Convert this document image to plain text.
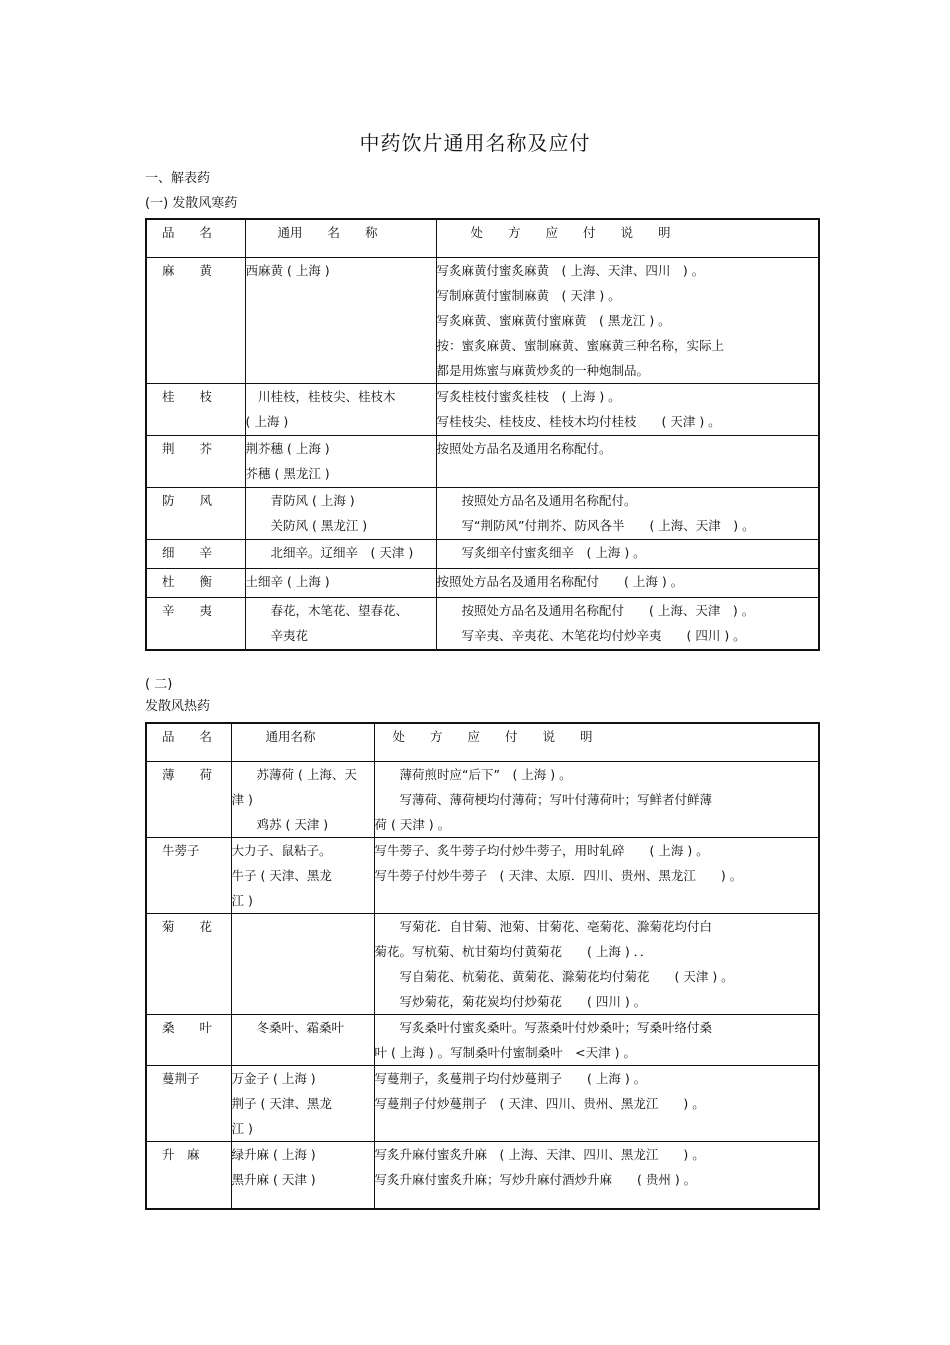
中药饮片通用名称及应付
一、解表药
(一) 发散风寒药
品　　名	通用　　名　　称	处　　方　　应　　付　　说　　明

麻　　黄	西麻黄 ( 上海 )	写炙麻黄付蜜炙麻黄　( 上海、天津、四川　) 。
写制麻黄付蜜制麻黄　( 天津 ) 。
写炙麻黄、蜜麻黄付蜜麻黄　( 黑龙江 ) 。
按：蜜炙麻黄、蜜制麻黄、蜜麻黄三种名称，实际上
都是用炼蜜与麻黄炒炙的一种炮制品。

桂　　枝	　川桂枝，桂枝尖、桂枝木
( 上海 )	写炙桂枝付蜜炙桂枝　( 上海 ) 。
写桂枝尖、桂枝皮、桂枝木均付桂枝　　( 天津 ) 。

荆　　芥	荆芥穗 ( 上海 )
芥穗 ( 黑龙江 )	按照处方品名及通用名称配付。

防　　风	　　青防风 ( 上海 )
　　关防风 ( 黑龙江 )	　　按照处方品名及通用名称配付。
　　写“荆防风”付荆芥、防风各半　　( 上海、天津　) 。

细　　辛	　　北细辛。辽细辛　( 天津 )	　　写炙细辛付蜜炙细辛　( 上海 ) 。

杜　　衡	土细辛 ( 上海 )	按照处方品名及通用名称配付　　( 上海 ) 。

辛　　夷	　　春花，木笔花、望春花、
　　辛夷花	　　按照处方品名及通用名称配付　　( 上海、天津　) 。
　　写辛夷、辛夷花、木笔花均付炒辛夷　　( 四川 ) 。
( 二)
发散风热药
品　　名	通用名称	处　　方　　应　　付　　说　　明

薄　　荷	　　苏薄荷 ( 上海、天
津 )
　　鸡苏 ( 天津 )	　　薄荷煎时应“后下”　( 上海 ) 。
　　写薄荷、薄荷梗均付薄荷；写叶付薄荷叶；写鲜者付鲜薄
荷 ( 天津 ) 。

牛蒡子	大力子、鼠粘子。
牛子 ( 天津、黑龙
江 )	写牛蒡子、炙牛蒡子均付炒牛蒡子，用时轧碎　　( 上海 ) 。
写牛蒡子付炒牛蒡子　( 天津、太原．四川、贵州、黑龙江　　) 。

菊　　花		　　写菊花．自甘菊、池菊、甘菊花、亳菊花、滁菊花均付白
菊花。写杭菊、杭甘菊均付黄菊花　　( 上海 ) ．．
　　写自菊花、杭菊花、黄菊花、滁菊花均付菊花　　( 天津 ) 。
　　写炒菊花，菊花炭均付炒菊花　　( 四川 ) 。

桑　　叶	　　冬桑叶、霜桑叶	　　写炙桑叶付蜜炙桑叶。写蒸桑叶付炒桑叶；写桑叶络付桑
叶 ( 上海 ) 。写制桑叶付蜜制桑叶　<天津 ) 。

蔓荆子	万金子 ( 上海 )
荆子 ( 天津、黑龙
江 )	写蔓荆子，炙蔓荆子均付炒蔓荆子　　( 上海 ) 。
写蔓荆子付炒蔓荆子　( 天津、四川、贵州、黑龙江　　) 。

升　麻	绿升麻 ( 上海 )
黑升麻 ( 天津 )	写炙升麻付蜜炙升麻　( 上海、天津、四川、黑龙江　　) 。
写炙升麻付蜜炙升麻；写炒升麻付酒炒升麻　　( 贵州 ) 。
